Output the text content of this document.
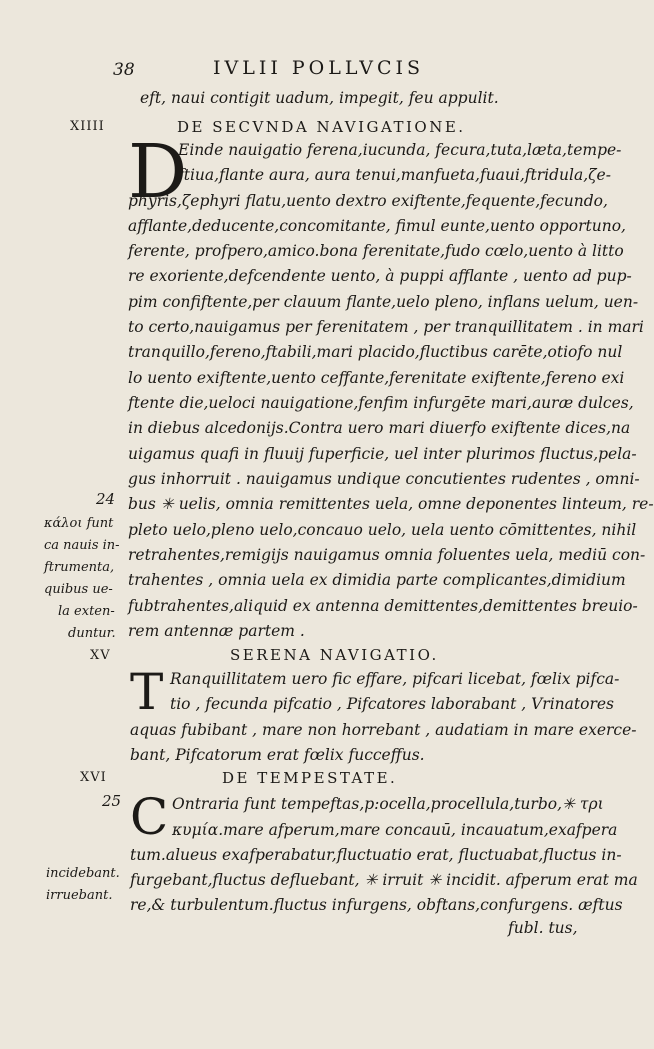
38	IVLII POLLVCIS
eft, naui contigit uadum, impegit, feu appulit.
XIIII	DE SECVNDA NAVIGATIONE.
D
Einde nauigatio ferena,iucunda, fecura,tuta,læta,tempe-
ftiua,flante aura, aura tenui,manfueta,fuaui,ftridula,ζe-
phyris,ζephyri flatu,uento dextro exiftente,fequente,fecundo,
afflante,deducente,concomitante, fimul eunte,uento opportuno,
ferente, profpero,amico.bona ferenitate,fudo cœlo,uento à litto
re exoriente,defcendente uento, à puppi afflante , uento ad pup-
pim confiftente,per clauum flante,uelo pleno, inflans uelum, uen-
to certo,nauigamus per ferenitatem , per tranquillitatem . in mari
tranquillo,fereno,ftabili,mari placido,fluctibus carēte,otiofo nul
lo uento exiftente,uento ceffante,ferenitate exiftente,fereno exi
ftente die,ueloci nauigatione,fenfim infurgēte mari,auræ dulces,
in diebus alcedonijs.Contra uero mari diuerfo exiftente dices,na
uigamus quafi in fluuij fuperficie, uel inter plurimos fluctus,pela-
gus inhorruit . nauigamus undique concutientes rudentes , omni-
bus ✳ uelis, omnia remittentes uela, omne deponentes linteum, re-
pleto uelo,pleno uelo,concauo uelo, uela uento cōmittentes, nihil
retrahentes,remigijs nauigamus omnia foluentes uela, mediū con-
trahentes , omnia uela ex dimidia parte complicantes,dimidium
fubtrahentes,aliquid ex antenna demittentes,demittentes breuio-
rem antennæ partem .
24
κάλοι funt
ca nauis in-
ftrumenta,
quibus ue-
la exten-
duntur.
XV	SERENA NAVIGATIO.
T Ranquillitatem uero fic effare, pifcari licebat, fœlix pifca-
tio , fecunda pifcatio , Pifcatores laborabant , Vrinatores
aquas fubibant , mare non horrebant , audatiam in mare exerce-
bant, Pifcatorum erat fœlix fucceffus.
XVI	DE TEMPESTATE.
C Ontraria funt tempeftas,p:ocella,procellula,turbo,✳ τρι
κυμία.mare afperum,mare concauū, incauatum,exafpera
tum.alueus exafperabatur,fluctuatio erat, fluctuabat,fluctus in-
furgebant,fluctus defluebant, ✳ irruit ✳ incidit. afperum erat ma
re,& turbulentum.fluctus infurgens, obftans,confurgens. æftus
fubl. tus,
25
incidebant.
irruebant.
